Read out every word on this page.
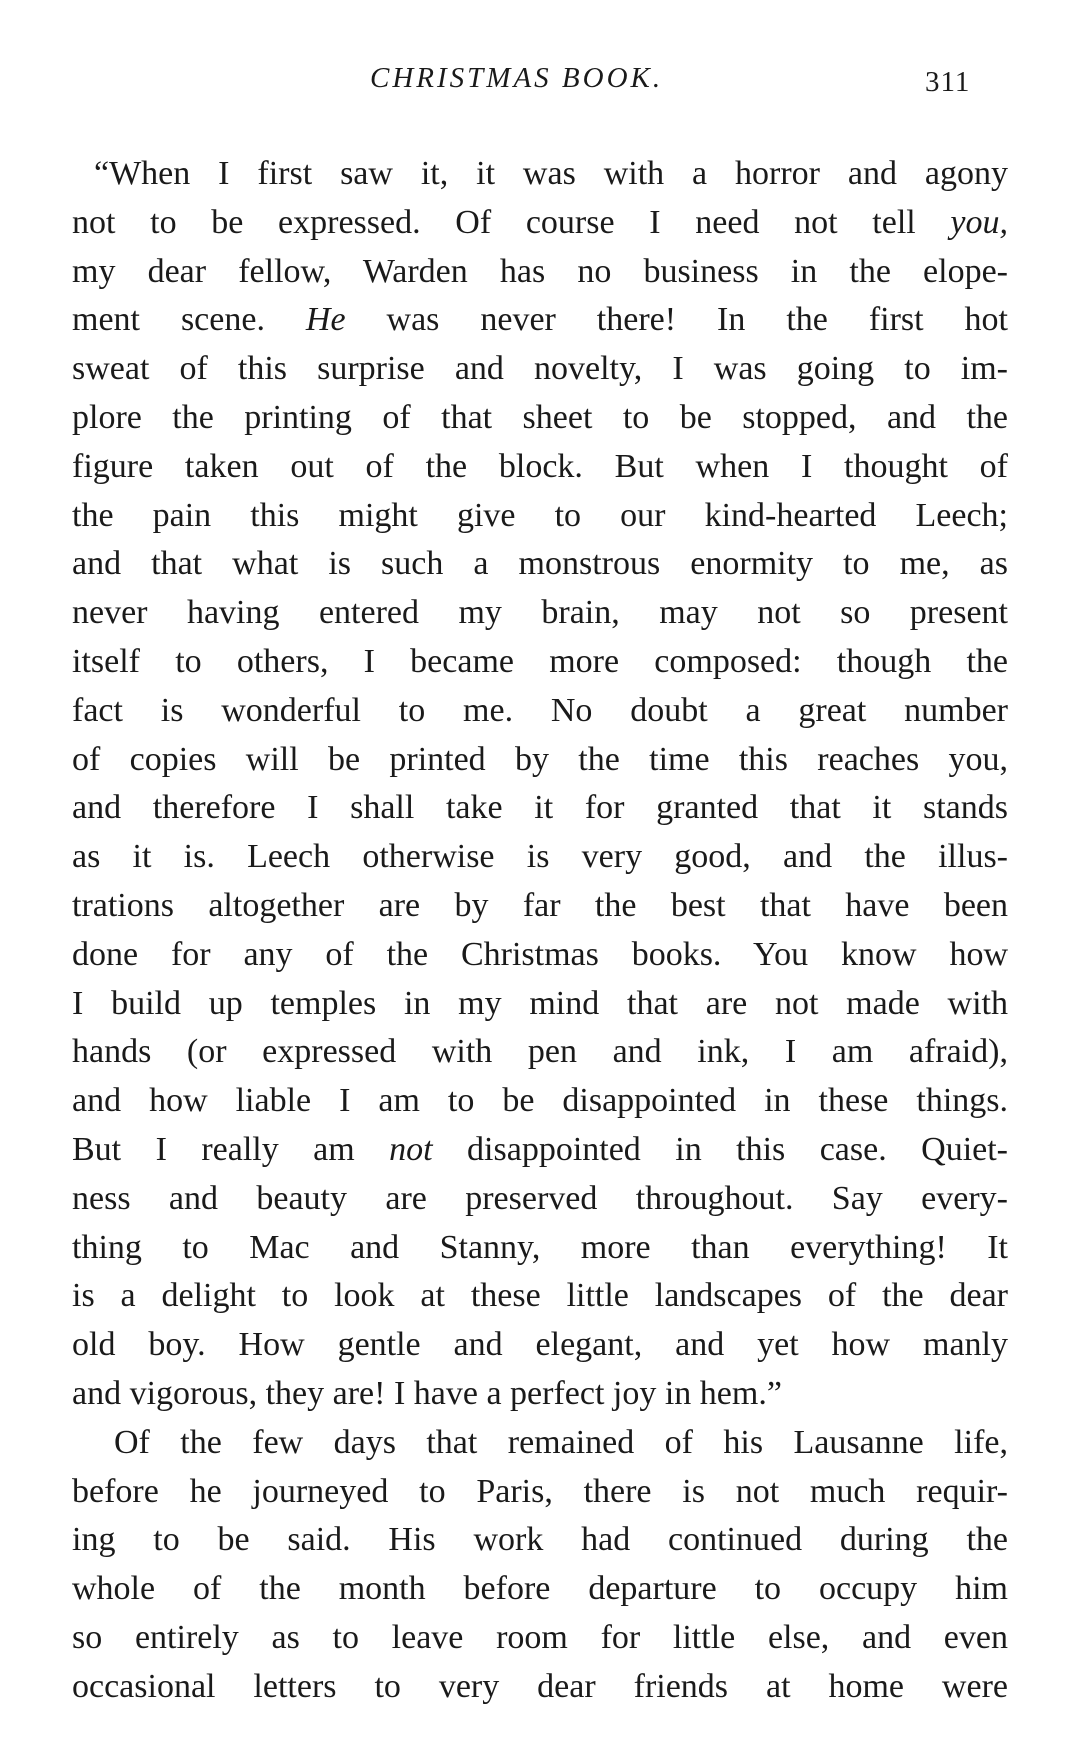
CHRISTMAS BOOK.	311
“When I first saw it, it was with a horror and agony
not to be expressed. Of course I need not tell you,
my dear fellow, Warden has no business in the elope-
ment scene. He was never there! In the first hot
sweat of this surprise and novelty, I was going to im-
plore the printing of that sheet to be stopped, and the
figure taken out of the block. But when I thought of
the pain this might give to our kind-hearted Leech;
and that what is such a monstrous enormity to me, as
never having entered my brain, may not so present
itself to others, I became more composed: though the
fact is wonderful to me. No doubt a great number
of copies will be printed by the time this reaches you,
and therefore I shall take it for granted that it stands
as it is. Leech otherwise is very good, and the illus-
trations altogether are by far the best that have been
done for any of the Christmas books. You know how
I build up temples in my mind that are not made with
hands (or expressed with pen and ink, I am afraid),
and how liable I am to be disappointed in these things.
But I really am not disappointed in this case. Quiet-
ness and beauty are preserved throughout. Say every-
thing to Mac and Stanny, more than everything! It
is a delight to look at these little landscapes of the dear
old boy. How gentle and elegant, and yet how manly
and vigorous, they are! I have a perfect joy in hem.”
Of the few days that remained of his Lausanne life,
before he journeyed to Paris, there is not much requir-
ing to be said. His work had continued during the
whole of the month before departure to occupy him
so entirely as to leave room for little else, and even
occasional letters to very dear friends at home were
